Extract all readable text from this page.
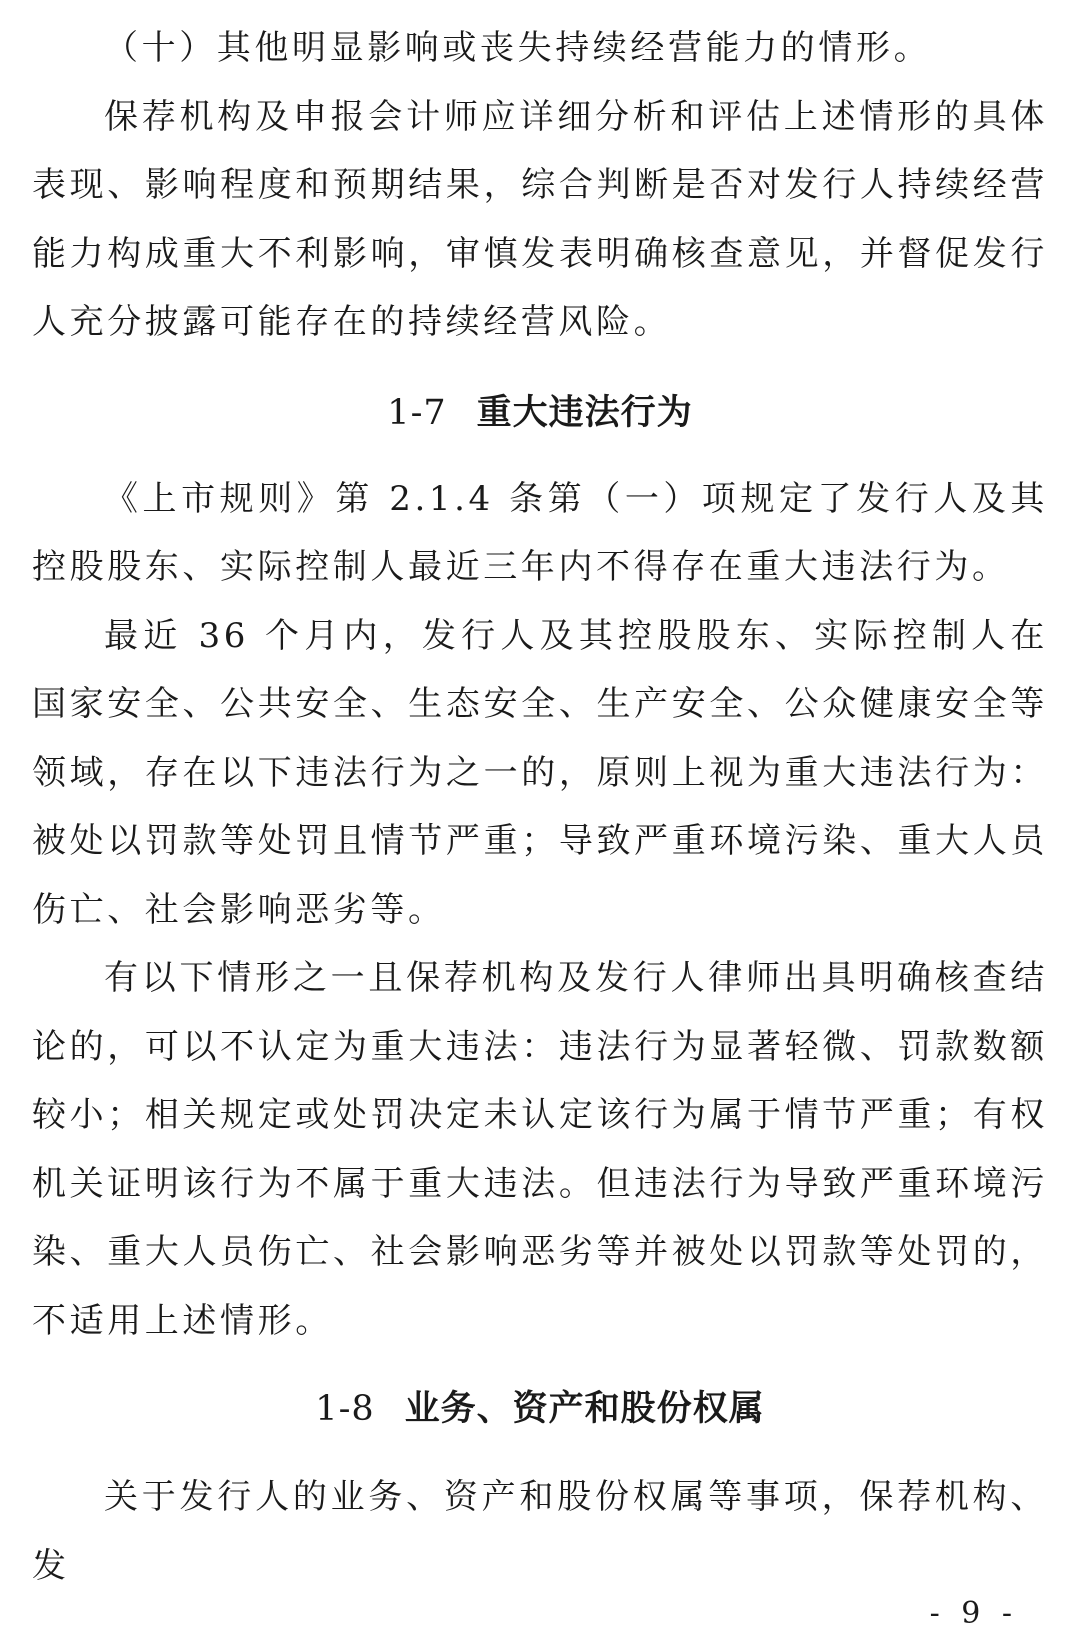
（十）其他明显影响或丧失持续经营能力的情形。

保荐机构及申报会计师应详细分析和评估上述情形的具体表现、影响程度和预期结果，综合判断是否对发行人持续经营能力构成重大不利影响，审慎发表明确核查意见，并督促发行人充分披露可能存在的持续经营风险。

1-7 重大违法行为

《上市规则》第 2.1.4 条第（一）项规定了发行人及其控股股东、实际控制人最近三年内不得存在重大违法行为。

最近 36 个月内，发行人及其控股股东、实际控制人在国家安全、公共安全、生态安全、生产安全、公众健康安全等领域，存在以下违法行为之一的，原则上视为重大违法行为：被处以罚款等处罚且情节严重；导致严重环境污染、重大人员伤亡、社会影响恶劣等。

有以下情形之一且保荐机构及发行人律师出具明确核查结论的，可以不认定为重大违法：违法行为显著轻微、罚款数额较小；相关规定或处罚决定未认定该行为属于情节严重；有权机关证明该行为不属于重大违法。但违法行为导致严重环境污染、重大人员伤亡、社会影响恶劣等并被处以罚款等处罚的，不适用上述情形。

1-8 业务、资产和股份权属

关于发行人的业务、资产和股份权属等事项，保荐机构、发

- 9 -
